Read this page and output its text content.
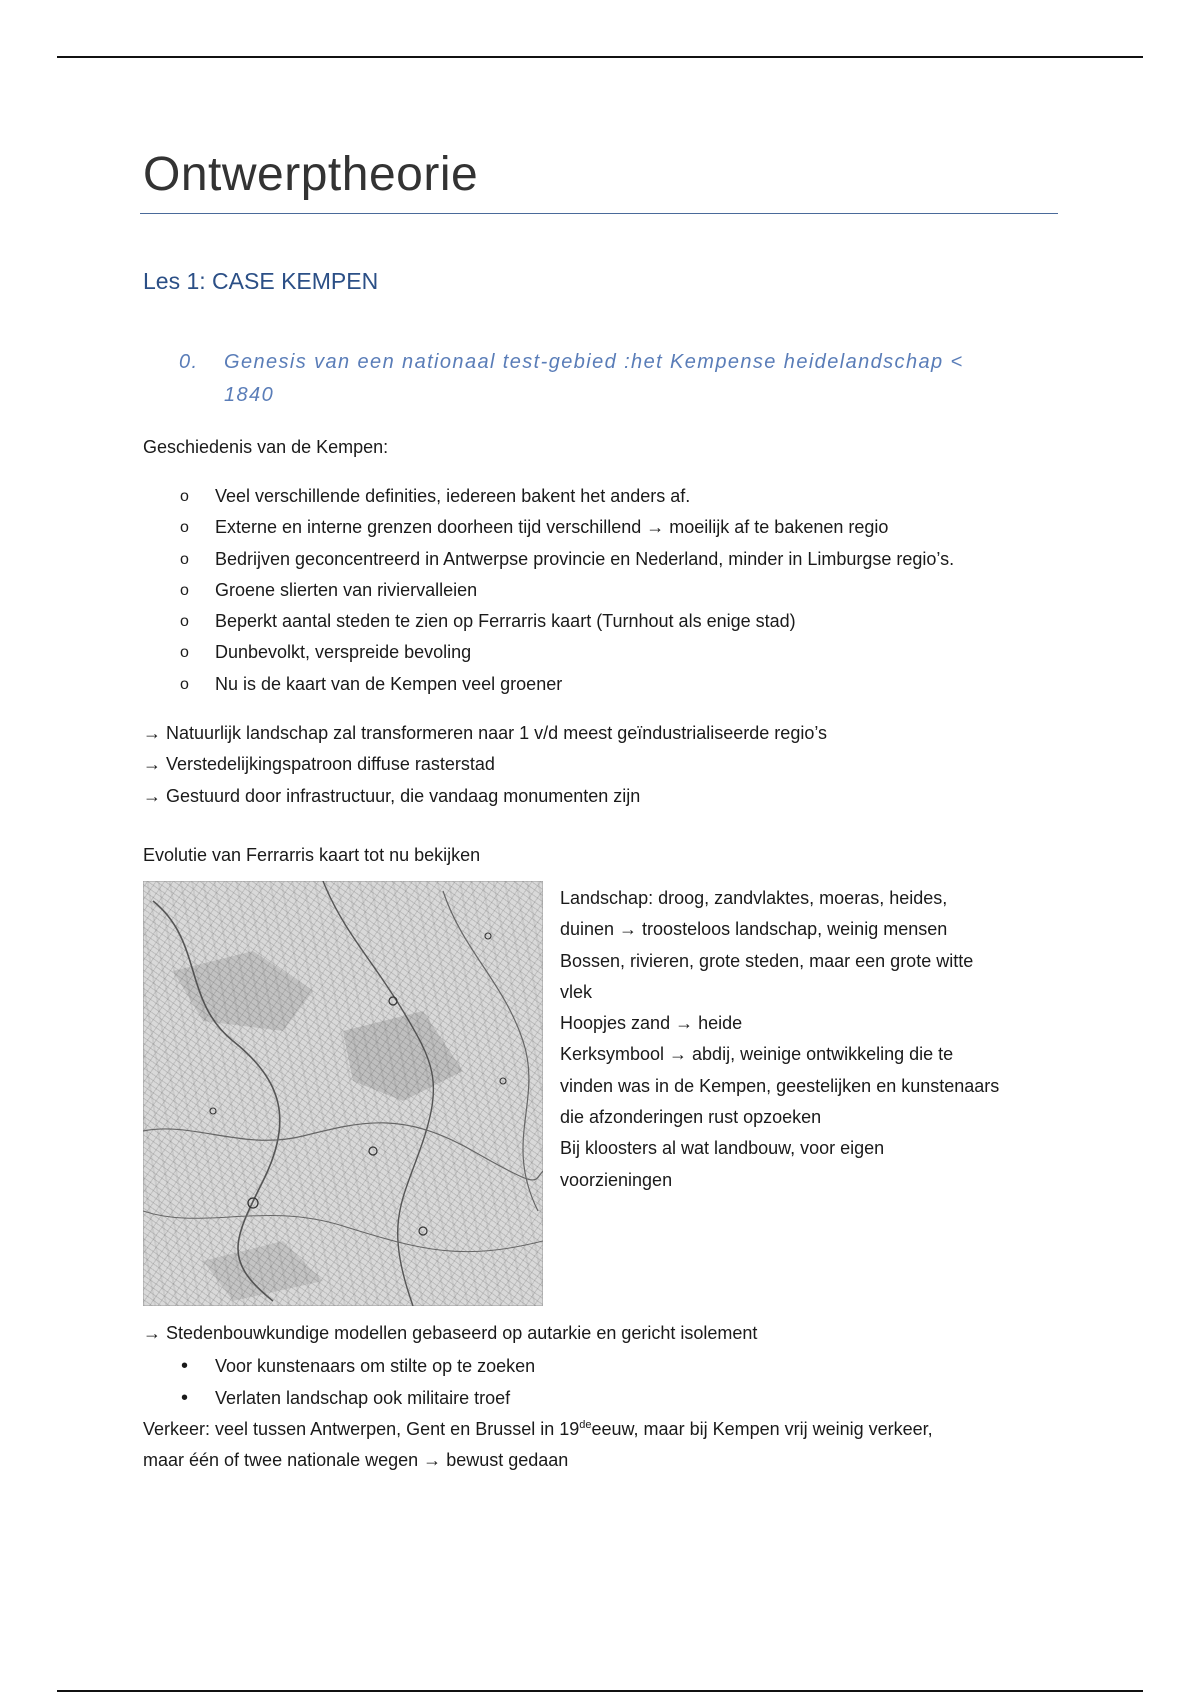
Ontwerptheorie
Les 1: CASE KEMPEN
0.	Genesis van een nationaal test-gebied :het Kempense heidelandschap <
1840

Geschiedenis van de Kempen:

o Veel verschillende definities, iedereen bakent het anders af.
o Externe en interne grenzen doorheen tijd verschillend → moeilijk af te bakenen regio
o Bedrijven geconcentreerd in Antwerpse provincie en Nederland, minder in Limburgse regio’s.
o Groene slierten van riviervalleien
o Beperkt aantal steden te zien op Ferrarris kaart (Turnhout als enige stad)
o Dunbevolkt, verspreide bevoling
o Nu is de kaart van de Kempen veel groener

→ Natuurlijk landschap zal transformeren naar 1 v/d meest geïndustrialiseerde regio’s

→ Verstedelijkingspatroon diffuse rasterstad

→ Gestuurd door infrastructuur, die vandaag monumenten zijn

Evolutie van Ferrarris kaart tot nu bekijken

Landschap: droog, zandvlaktes, moeras, heides,

duinen → troosteloos landschap, weinig mensen

Bossen, rivieren, grote steden, maar een grote witte

vlek

Hoopjes zand → heide

Kerksymbool → abdij, weinige ontwikkeling die te

vinden was in de Kempen, geestelijken en kunstenaars

die afzonderingen rust opzoeken

Bij kloosters al wat landbouw, voor eigen

voorzieningen

→ Stedenbouwkundige modellen gebaseerd op autarkie en gericht isolement

• Voor kunstenaars om stilte op te zoeken
• Verlaten landschap ook militaire troef

Verkeer: veel tussen Antwerpen, Gent en Brussel in 19deeeuw, maar bij Kempen vrij weinig verkeer,

maar één of twee nationale wegen → bewust gedaan
